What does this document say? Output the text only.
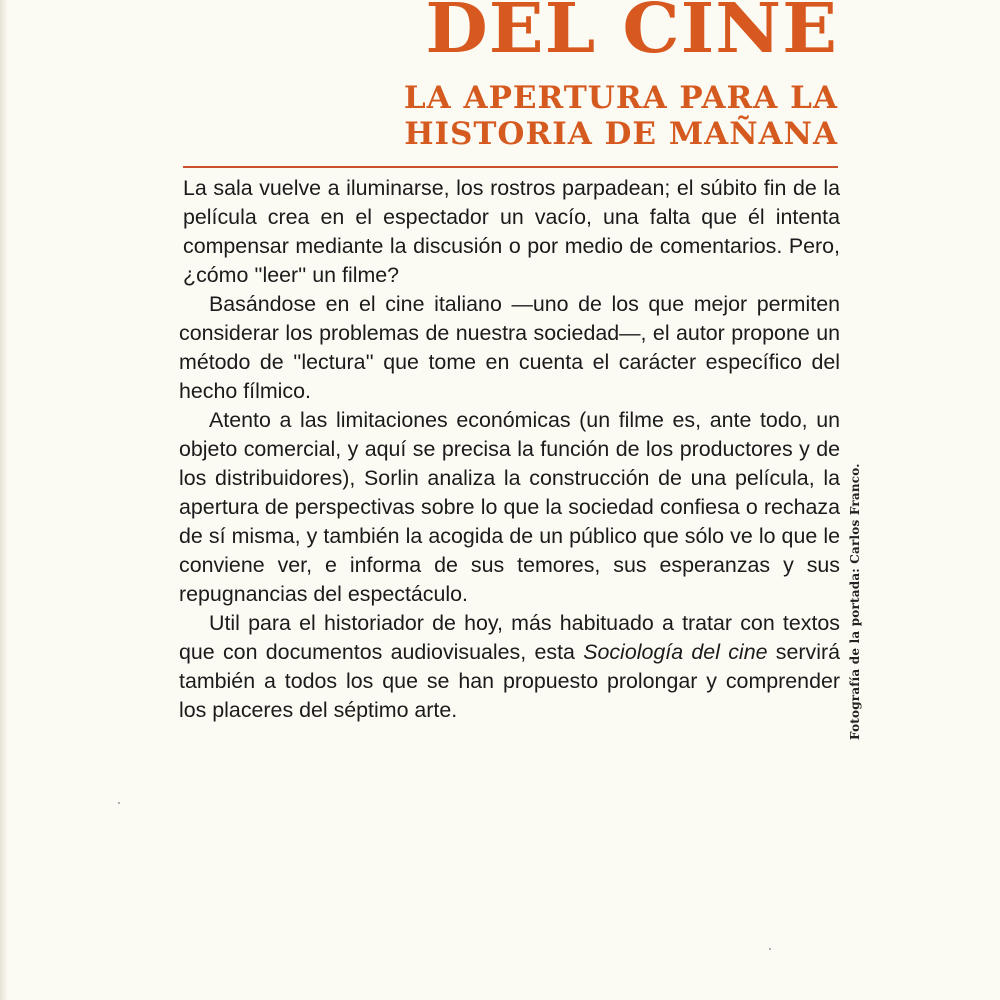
DEL CINE
LA APERTURA PARA LA
HISTORIA DE MAÑANA

La sala vuelve a iluminarse, los rostros parpadean; el súbito fin de la película crea en el espectador un vacío, una falta que él intenta compensar mediante la discusión o por medio de comentarios. Pero, ¿cómo ''leer'' un filme?

Basándose en el cine italiano —uno de los que mejor permiten considerar los problemas de nuestra sociedad—, el autor propone un método de ''lectura'' que tome en cuenta el carácter específico del hecho fílmico.

Atento a las limitaciones económicas (un filme es, ante todo, un objeto comercial, y aquí se precisa la función de los productores y de los distribuidores), Sorlin analiza la construcción de una película, la apertura de perspectivas sobre lo que la sociedad confiesa o rechaza de sí misma, y también la acogida de un público que sólo ve lo que le conviene ver, e informa de sus temores, sus esperanzas y sus repugnancias del espectáculo.

Util para el historiador de hoy, más habituado a tratar con textos que con documentos audiovisuales, esta Sociología del cine servirá también a todos los que se han propuesto prolongar y comprender los placeres del séptimo arte.	Fotografía de la portada: Carlos Franco.
